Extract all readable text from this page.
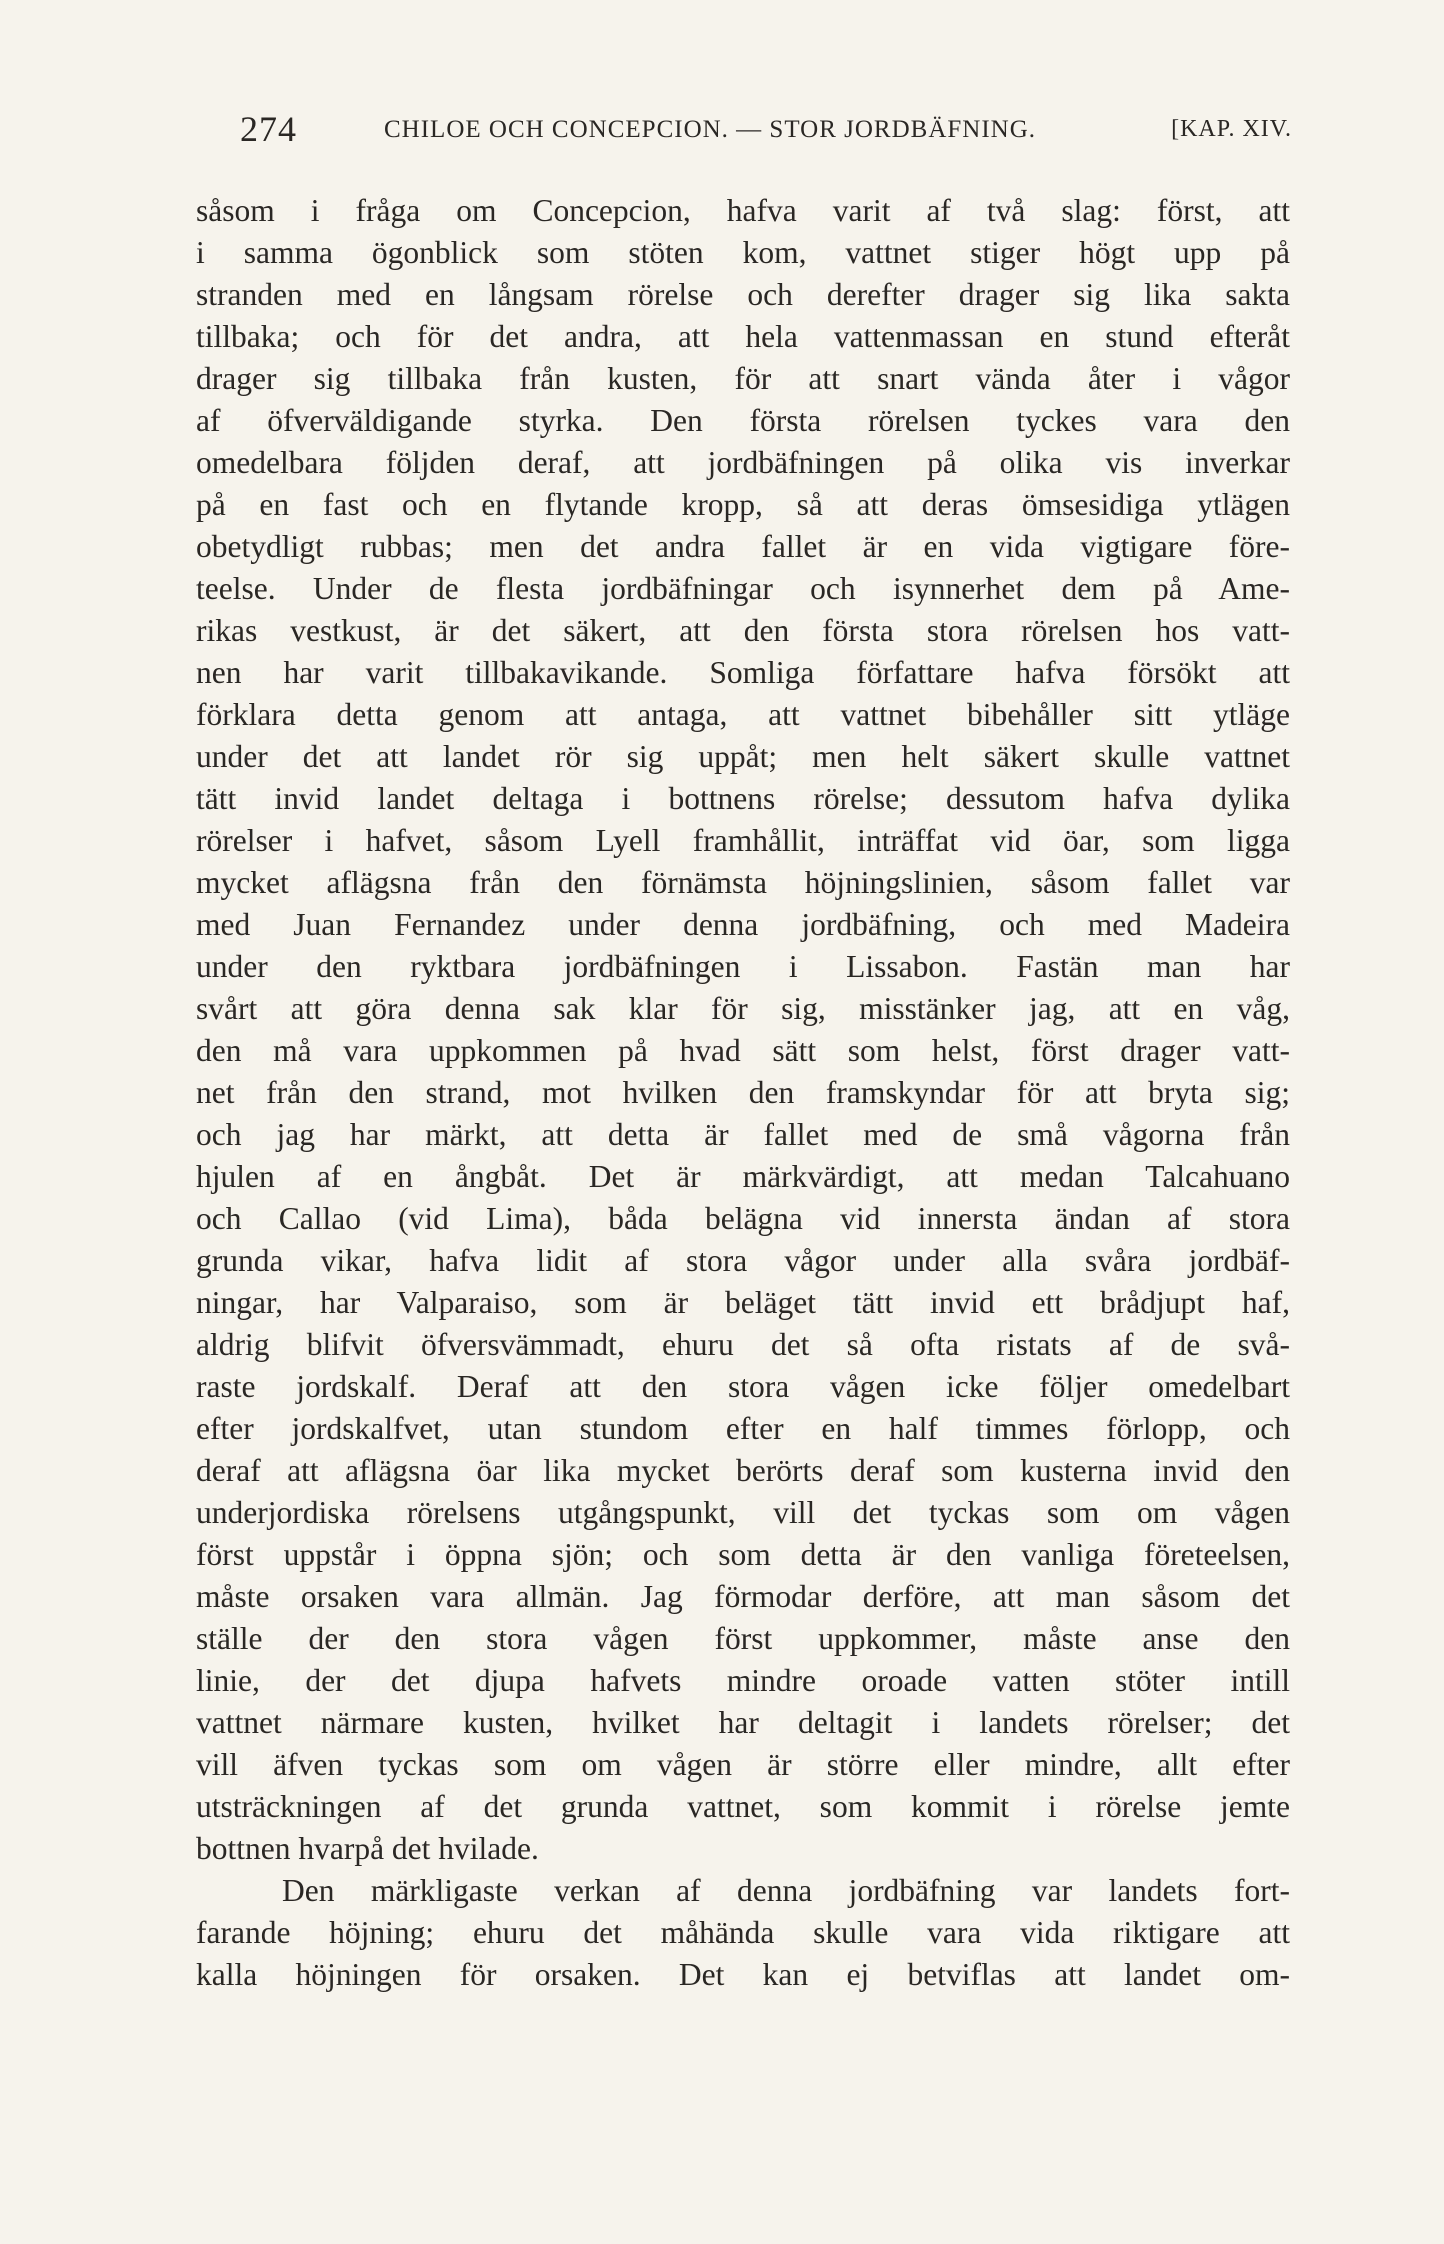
274	CHILOE OCH CONCEPCION. — STOR JORDBÄFNING.	[KAP. XIV.
såsom i fråga om Concepcion, hafva varit af två slag: först, att
i samma ögonblick som stöten kom, vattnet stiger högt upp på
stranden med en långsam rörelse och derefter drager sig lika sakta
tillbaka; och för det andra, att hela vattenmassan en stund efteråt
drager sig tillbaka från kusten, för att snart vända åter i vågor
af öfverväldigande styrka. Den första rörelsen tyckes vara den
omedelbara följden deraf, att jordbäfningen på olika vis inverkar
på en fast och en flytande kropp, så att deras ömsesidiga ytlägen
obetydligt rubbas; men det andra fallet är en vida vigtigare före-
teelse. Under de flesta jordbäfningar och isynnerhet dem på Ame-
rikas vestkust, är det säkert, att den första stora rörelsen hos vatt-
nen har varit tillbakavikande. Somliga författare hafva försökt att
förklara detta genom att antaga, att vattnet bibehåller sitt ytläge
under det att landet rör sig uppåt; men helt säkert skulle vattnet
tätt invid landet deltaga i bottnens rörelse; dessutom hafva dylika
rörelser i hafvet, såsom Lyell framhållit, inträffat vid öar, som ligga
mycket aflägsna från den förnämsta höjningslinien, såsom fallet var
med Juan Fernandez under denna jordbäfning, och med Madeira
under den ryktbara jordbäfningen i Lissabon. Fastän man har
svårt att göra denna sak klar för sig, misstänker jag, att en våg,
den må vara uppkommen på hvad sätt som helst, först drager vatt-
net från den strand, mot hvilken den framskyndar för att bryta sig;
och jag har märkt, att detta är fallet med de små vågorna från
hjulen af en ångbåt. Det är märkvärdigt, att medan Talcahuano
och Callao (vid Lima), båda belägna vid innersta ändan af stora
grunda vikar, hafva lidit af stora vågor under alla svåra jordbäf-
ningar, har Valparaiso, som är beläget tätt invid ett brådjupt haf,
aldrig blifvit öfversvämmadt, ehuru det så ofta ristats af de svå-
raste jordskalf. Deraf att den stora vågen icke följer omedelbart
efter jordskalfvet, utan stundom efter en half timmes förlopp, och
deraf att aflägsna öar lika mycket berörts deraf som kusterna invid den
underjordiska rörelsens utgångspunkt, vill det tyckas som om vågen
först uppstår i öppna sjön; och som detta är den vanliga företeelsen,
måste orsaken vara allmän. Jag förmodar derföre, att man såsom det
ställe der den stora vågen först uppkommer, måste anse den
linie, der det djupa hafvets mindre oroade vatten stöter intill
vattnet närmare kusten, hvilket har deltagit i landets rörelser; det
vill äfven tyckas som om vågen är större eller mindre, allt efter
utsträckningen af det grunda vattnet, som kommit i rörelse jemte
bottnen hvarpå det hvilade.
Den märkligaste verkan af denna jordbäfning var landets fort-
farande höjning; ehuru det måhända skulle vara vida riktigare att
kalla höjningen för orsaken. Det kan ej betviflas att landet om-
